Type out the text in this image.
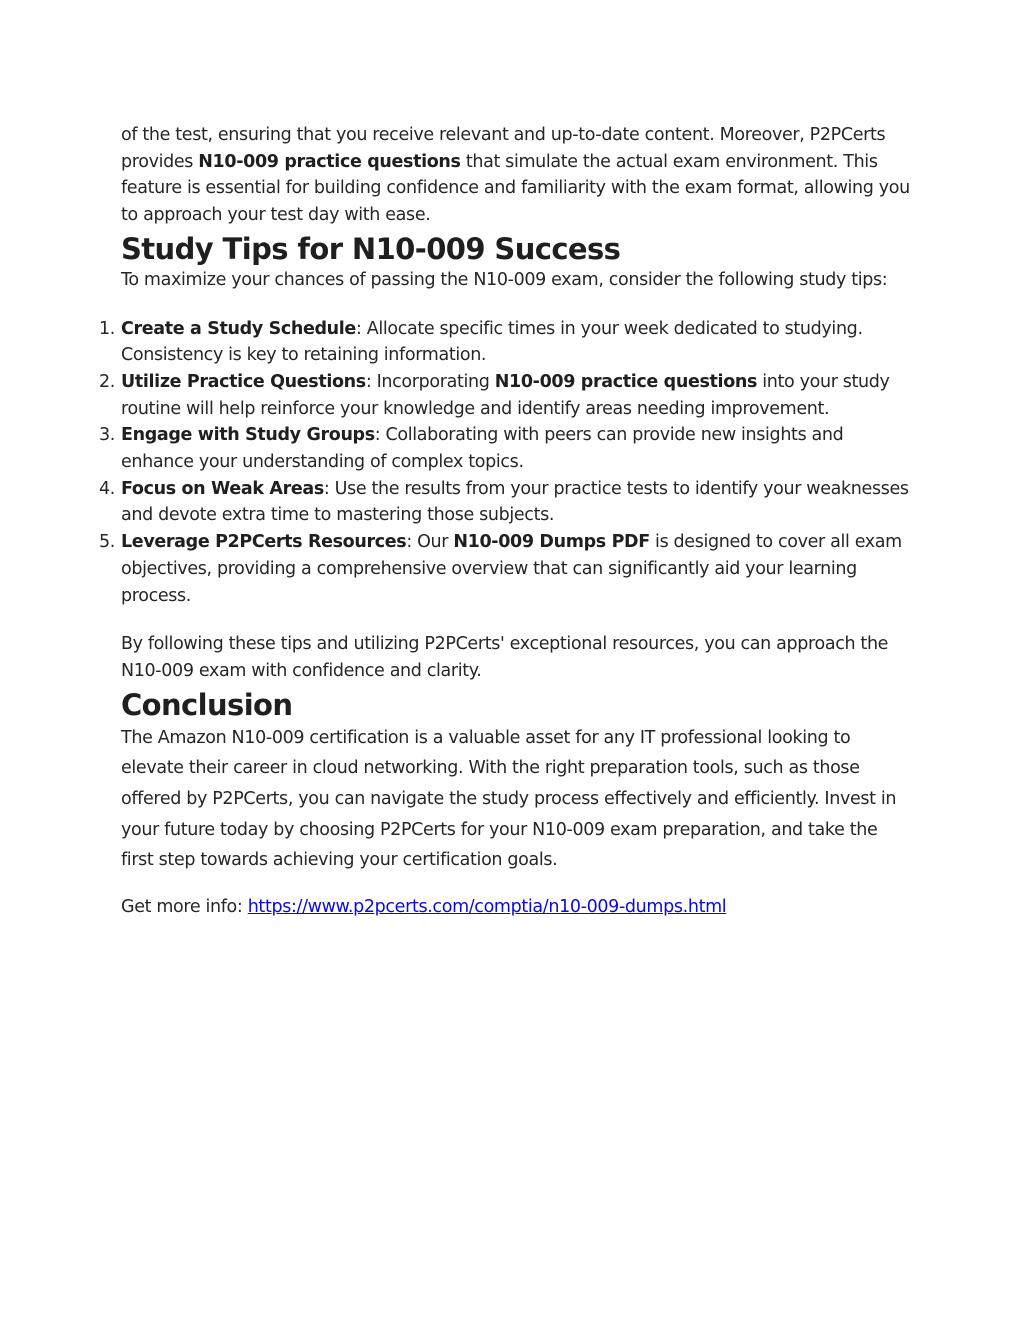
of the test, ensuring that you receive relevant and up-to-date content. Moreover, P2PCerts provides N10-009 practice questions that simulate the actual exam environment. This feature is essential for building confidence and familiarity with the exam format, allowing you to approach your test day with ease.

Study Tips for N10-009 Success

To maximize your chances of passing the N10-009 exam, consider the following study tips:

1. Create a Study Schedule: Allocate specific times in your week dedicated to studying. Consistency is key to retaining information.
2. Utilize Practice Questions: Incorporating N10-009 practice questions into your study routine will help reinforce your knowledge and identify areas needing improvement.
3. Engage with Study Groups: Collaborating with peers can provide new insights and enhance your understanding of complex topics.
4. Focus on Weak Areas: Use the results from your practice tests to identify your weaknesses and devote extra time to mastering those subjects.
5. Leverage P2PCerts Resources: Our N10-009 Dumps PDF is designed to cover all exam objectives, providing a comprehensive overview that can significantly aid your learning process.

By following these tips and utilizing P2PCerts' exceptional resources, you can approach the N10-009 exam with confidence and clarity.

Conclusion

The Amazon N10-009 certification is a valuable asset for any IT professional looking to elevate their career in cloud networking. With the right preparation tools, such as those offered by P2PCerts, you can navigate the study process effectively and efficiently. Invest in your future today by choosing P2PCerts for your N10-009 exam preparation, and take the first step towards achieving your certification goals.

Get more info: https://www.p2pcerts.com/comptia/n10-009-dumps.html
